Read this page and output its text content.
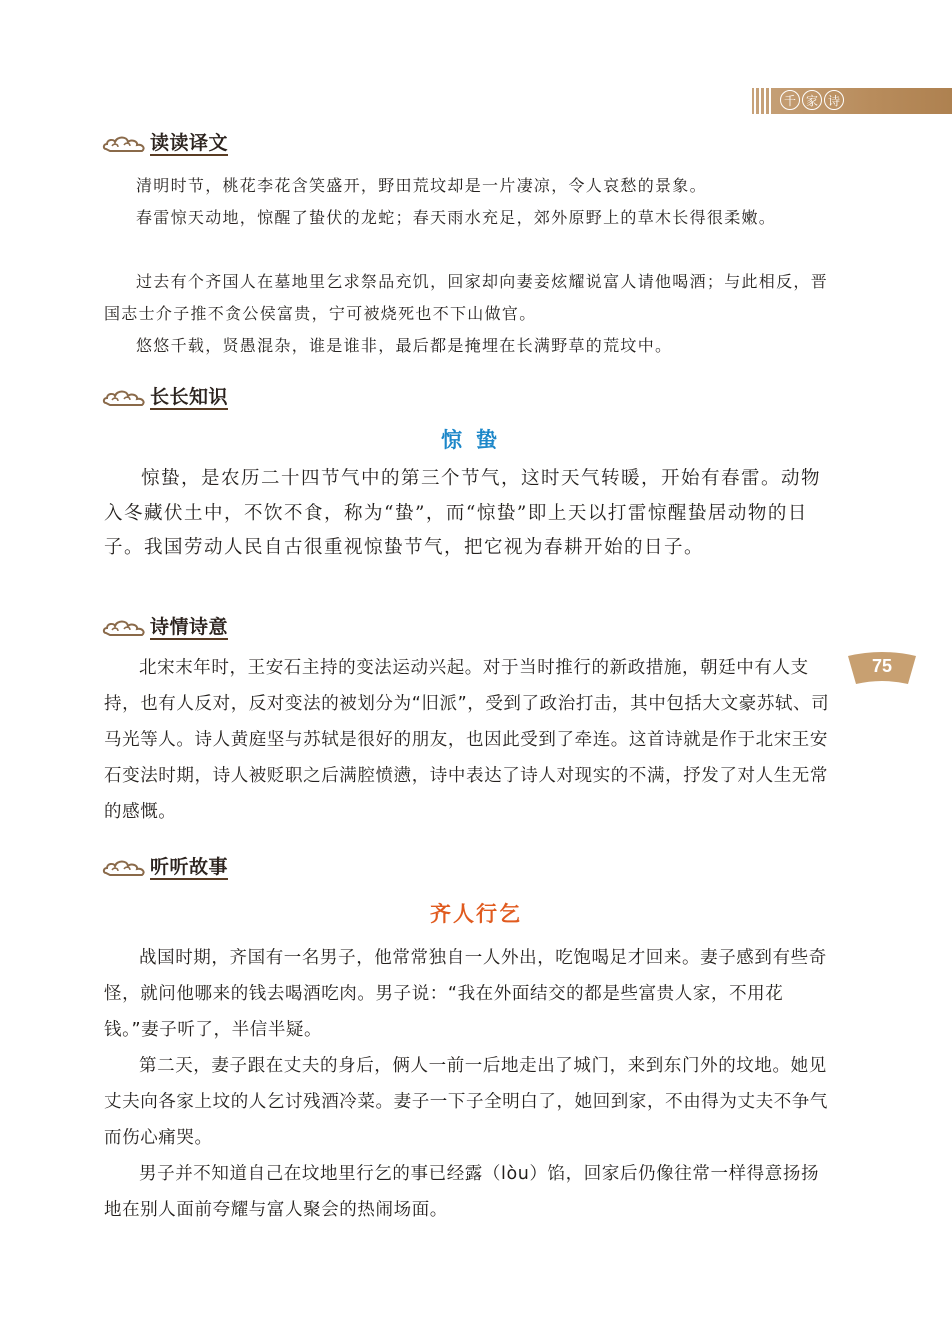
千 家 诗
75
读读译文

清明时节，桃花李花含笑盛开，野田荒坟却是一片凄凉，令人哀愁的景象。

春雷惊天动地，惊醒了蛰伏的龙蛇；春天雨水充足，郊外原野上的草木长得很柔嫩。

过去有个齐国人在墓地里乞求祭品充饥，回家却向妻妾炫耀说富人请他喝酒；与此相反，晋国志士介子推不贪公侯富贵，宁可被烧死也不下山做官。

悠悠千载，贤愚混杂，谁是谁非，最后都是掩埋在长满野草的荒坟中。

长长知识
惊蛰

惊蛰，是农历二十四节气中的第三个节气，这时天气转暖，开始有春雷。动物入冬藏伏土中，不饮不食，称为“蛰”，而“惊蛰”即上天以打雷惊醒蛰居动物的日子。我国劳动人民自古很重视惊蛰节气，把它视为春耕开始的日子。

诗情诗意

北宋末年时，王安石主持的变法运动兴起。对于当时推行的新政措施，朝廷中有人支持，也有人反对，反对变法的被划分为“旧派”，受到了政治打击，其中包括大文豪苏轼、司马光等人。诗人黄庭坚与苏轼是很好的朋友，也因此受到了牵连。这首诗就是作于北宋王安石变法时期，诗人被贬职之后满腔愤懑，诗中表达了诗人对现实的不满，抒发了对人生无常的感慨。

听听故事
齐人行乞

战国时期，齐国有一名男子，他常常独自一人外出，吃饱喝足才回来。妻子感到有些奇怪，就问他哪来的钱去喝酒吃肉。男子说：“我在外面结交的都是些富贵人家，不用花钱。”妻子听了，半信半疑。

第二天，妻子跟在丈夫的身后，俩人一前一后地走出了城门，来到东门外的坟地。她见丈夫向各家上坟的人乞讨残酒冷菜。妻子一下子全明白了，她回到家，不由得为丈夫不争气而伤心痛哭。

男子并不知道自己在坟地里行乞的事已经露（lòu）馅，回家后仍像往常一样得意扬扬地在别人面前夸耀与富人聚会的热闹场面。
